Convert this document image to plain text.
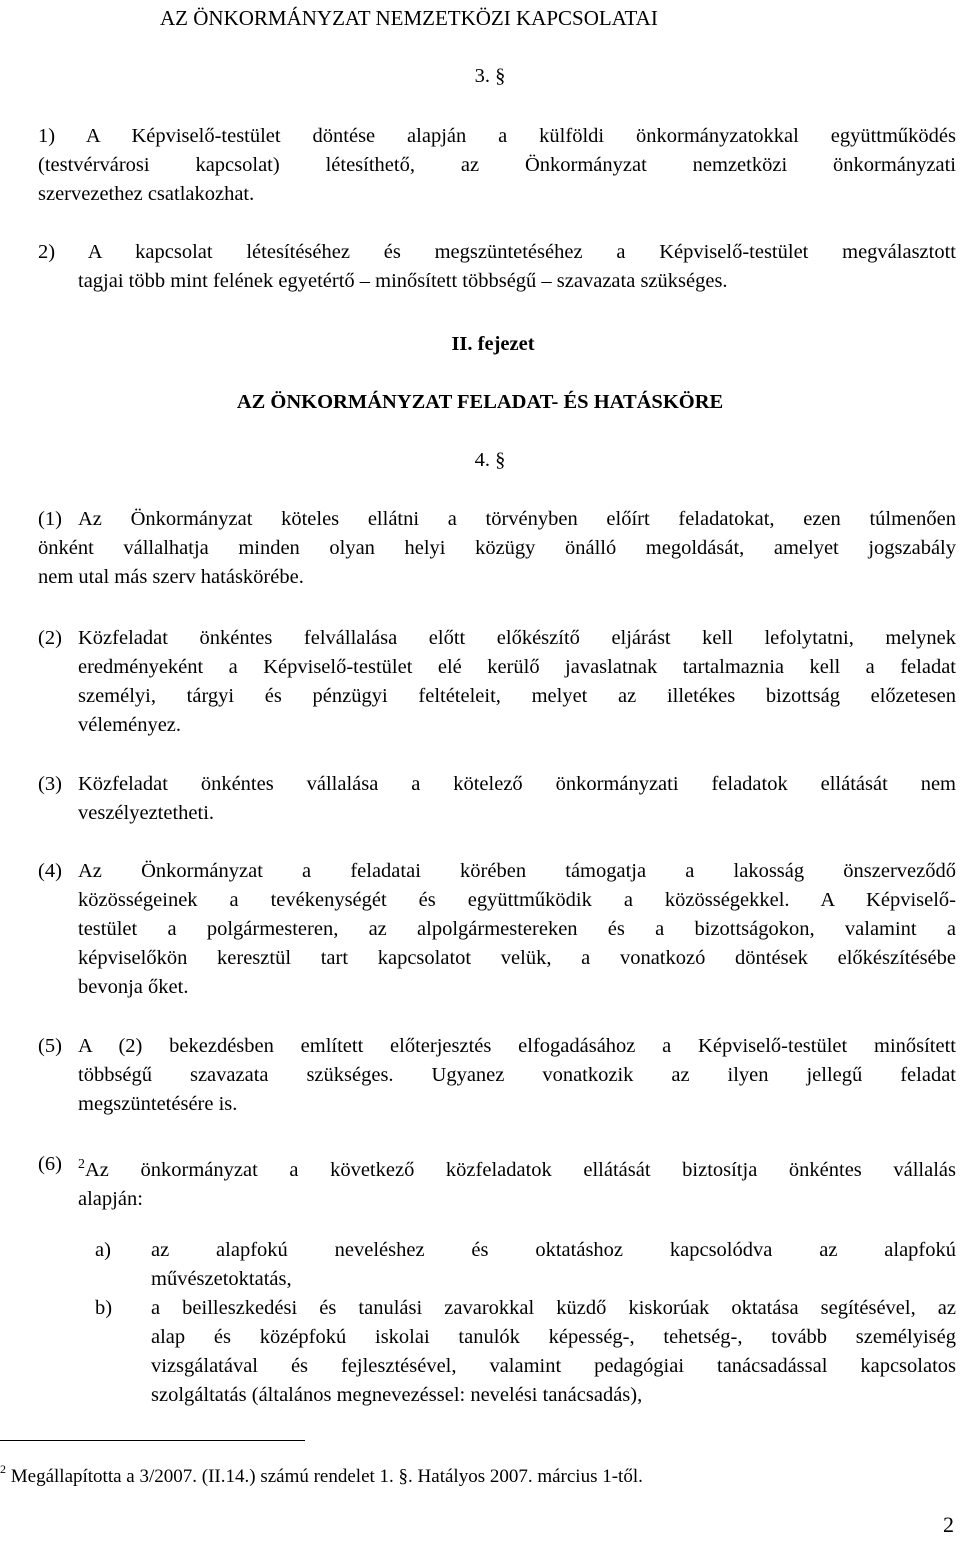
AZ ÖNKORMÁNYZAT NEMZETKÖZI KAPCSOLATAI
3. §
1) A Képviselő-testület döntése alapján a külföldi önkormányzatokkal együttműködés
(testvérvárosi kapcsolat) létesíthető, az Önkormányzat nemzetközi önkormányzati
szervezethez csatlakozhat.
2) A kapcsolat létesítéséhez és megszüntetéséhez a Képviselő-testület megválasztott
tagjai több mint felének egyetértő – minősített többségű – szavazata szükséges.
II. fejezet
AZ ÖNKORMÁNYZAT FELADAT- ÉS HATÁSKÖRE
4. §
(1) Az Önkormányzat köteles ellátni a törvényben előírt feladatokat, ezen túlmenően
önként vállalhatja minden olyan helyi közügy önálló megoldását, amelyet jogszabály
nem utal más szerv hatáskörébe.
(2) Közfeladat önkéntes felvállalása előtt előkészítő eljárást kell lefolytatni, melynek
eredményeként a Képviselő-testület elé kerülő javaslatnak tartalmaznia kell a feladat
személyi, tárgyi és pénzügyi feltételeit, melyet az illetékes bizottság előzetesen
véleményez.
(3) Közfeladat önkéntes vállalása a kötelező önkormányzati feladatok ellátását nem
veszélyeztetheti.
(4) Az Önkormányzat a feladatai körében támogatja a lakosság önszerveződő
közösségeinek a tevékenységét és együttműködik a közösségekkel. A Képviselő-
testület a polgármesteren, az alpolgármestereken és a bizottságokon, valamint a
képviselőkön keresztül tart kapcsolatot velük, a vonatkozó döntések előkészítésébe
bevonja őket.
(5) A (2) bekezdésben említett előterjesztés elfogadásához a Képviselő-testület minősített
többségű szavazata szükséges. Ugyanez vonatkozik az ilyen jellegű feladat
megszüntetésére is.
(6) $^2$Az önkormányzat a következő közfeladatok ellátását biztosítja önkéntes vállalás
alapján:
a) az alapfokú neveléshez és oktatáshoz kapcsolódva az alapfokú
művészetoktatás,
b) a beilleszkedési és tanulási zavarokkal küzdő kiskorúak oktatása segítésével, az
alap és középfokú iskolai tanulók képesség-, tehetség-, tovább személyiség
vizsgálatával és fejlesztésével, valamint pedagógiai tanácsadással kapcsolatos
szolgáltatás (általános megnevezéssel: nevelési tanácsadás),
$^2$ Megállapította a 3/2007. (II.14.) számú rendelet 1. §. Hatályos 2007. március 1-től.
2
